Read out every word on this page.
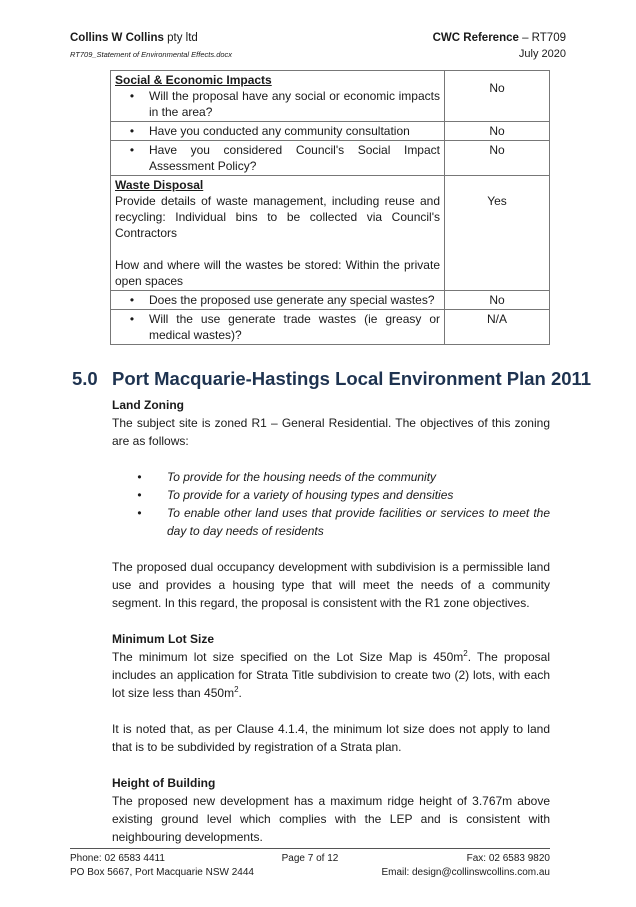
Collins W Collins pty ltd
RT709_Statement of Environmental Effects.docx
CWC Reference – RT709
July 2020
Social & Economic Impacts
• Will the proposal have any social or economic impacts in the area?	No

• Have you conducted any community consultation	No

• Have you considered Council's Social Impact Assessment Policy?	No

Waste Disposal
Provide details of waste management, including reuse and recycling: Individual bins to be collected via Council's Contractors
How and where will the wastes be stored: Within the private open spaces	Yes

• Does the proposed use generate any special wastes?	No

• Will the use generate trade wastes (ie greasy or medical wastes)?	N/A
5.0 Port Macquarie-Hastings Local Environment Plan 2011
Land Zoning

The subject site is zoned R1 – General Residential. The objectives of this zoning are as follows:

•	To provide for the housing needs of the community
•	To provide for a variety of housing types and densities
•	To enable other land uses that provide facilities or services to meet the day to day needs of residents

The proposed dual occupancy development with subdivision is a permissible land use and provides a housing type that will meet the needs of a community segment. In this regard, the proposal is consistent with the R1 zone objectives.

Minimum Lot Size

The minimum lot size specified on the Lot Size Map is $450m^2$. The proposal includes an application for Strata Title subdivision to create two (2) lots, with each lot size less than $450m^2$.

It is noted that, as per Clause 4.1.4, the minimum lot size does not apply to land that is to be subdivided by registration of a Strata plan.

Height of Building

The proposed new development has a maximum ridge height of 3.767m above existing ground level which complies with the LEP and is consistent with neighbouring developments.

Phone: 02 6583 4411	Page 7 of 12	Fax: 02 6583 9820
PO Box 5667, Port Macquarie NSW 2444	Email: design@collinswcollins.com.au
